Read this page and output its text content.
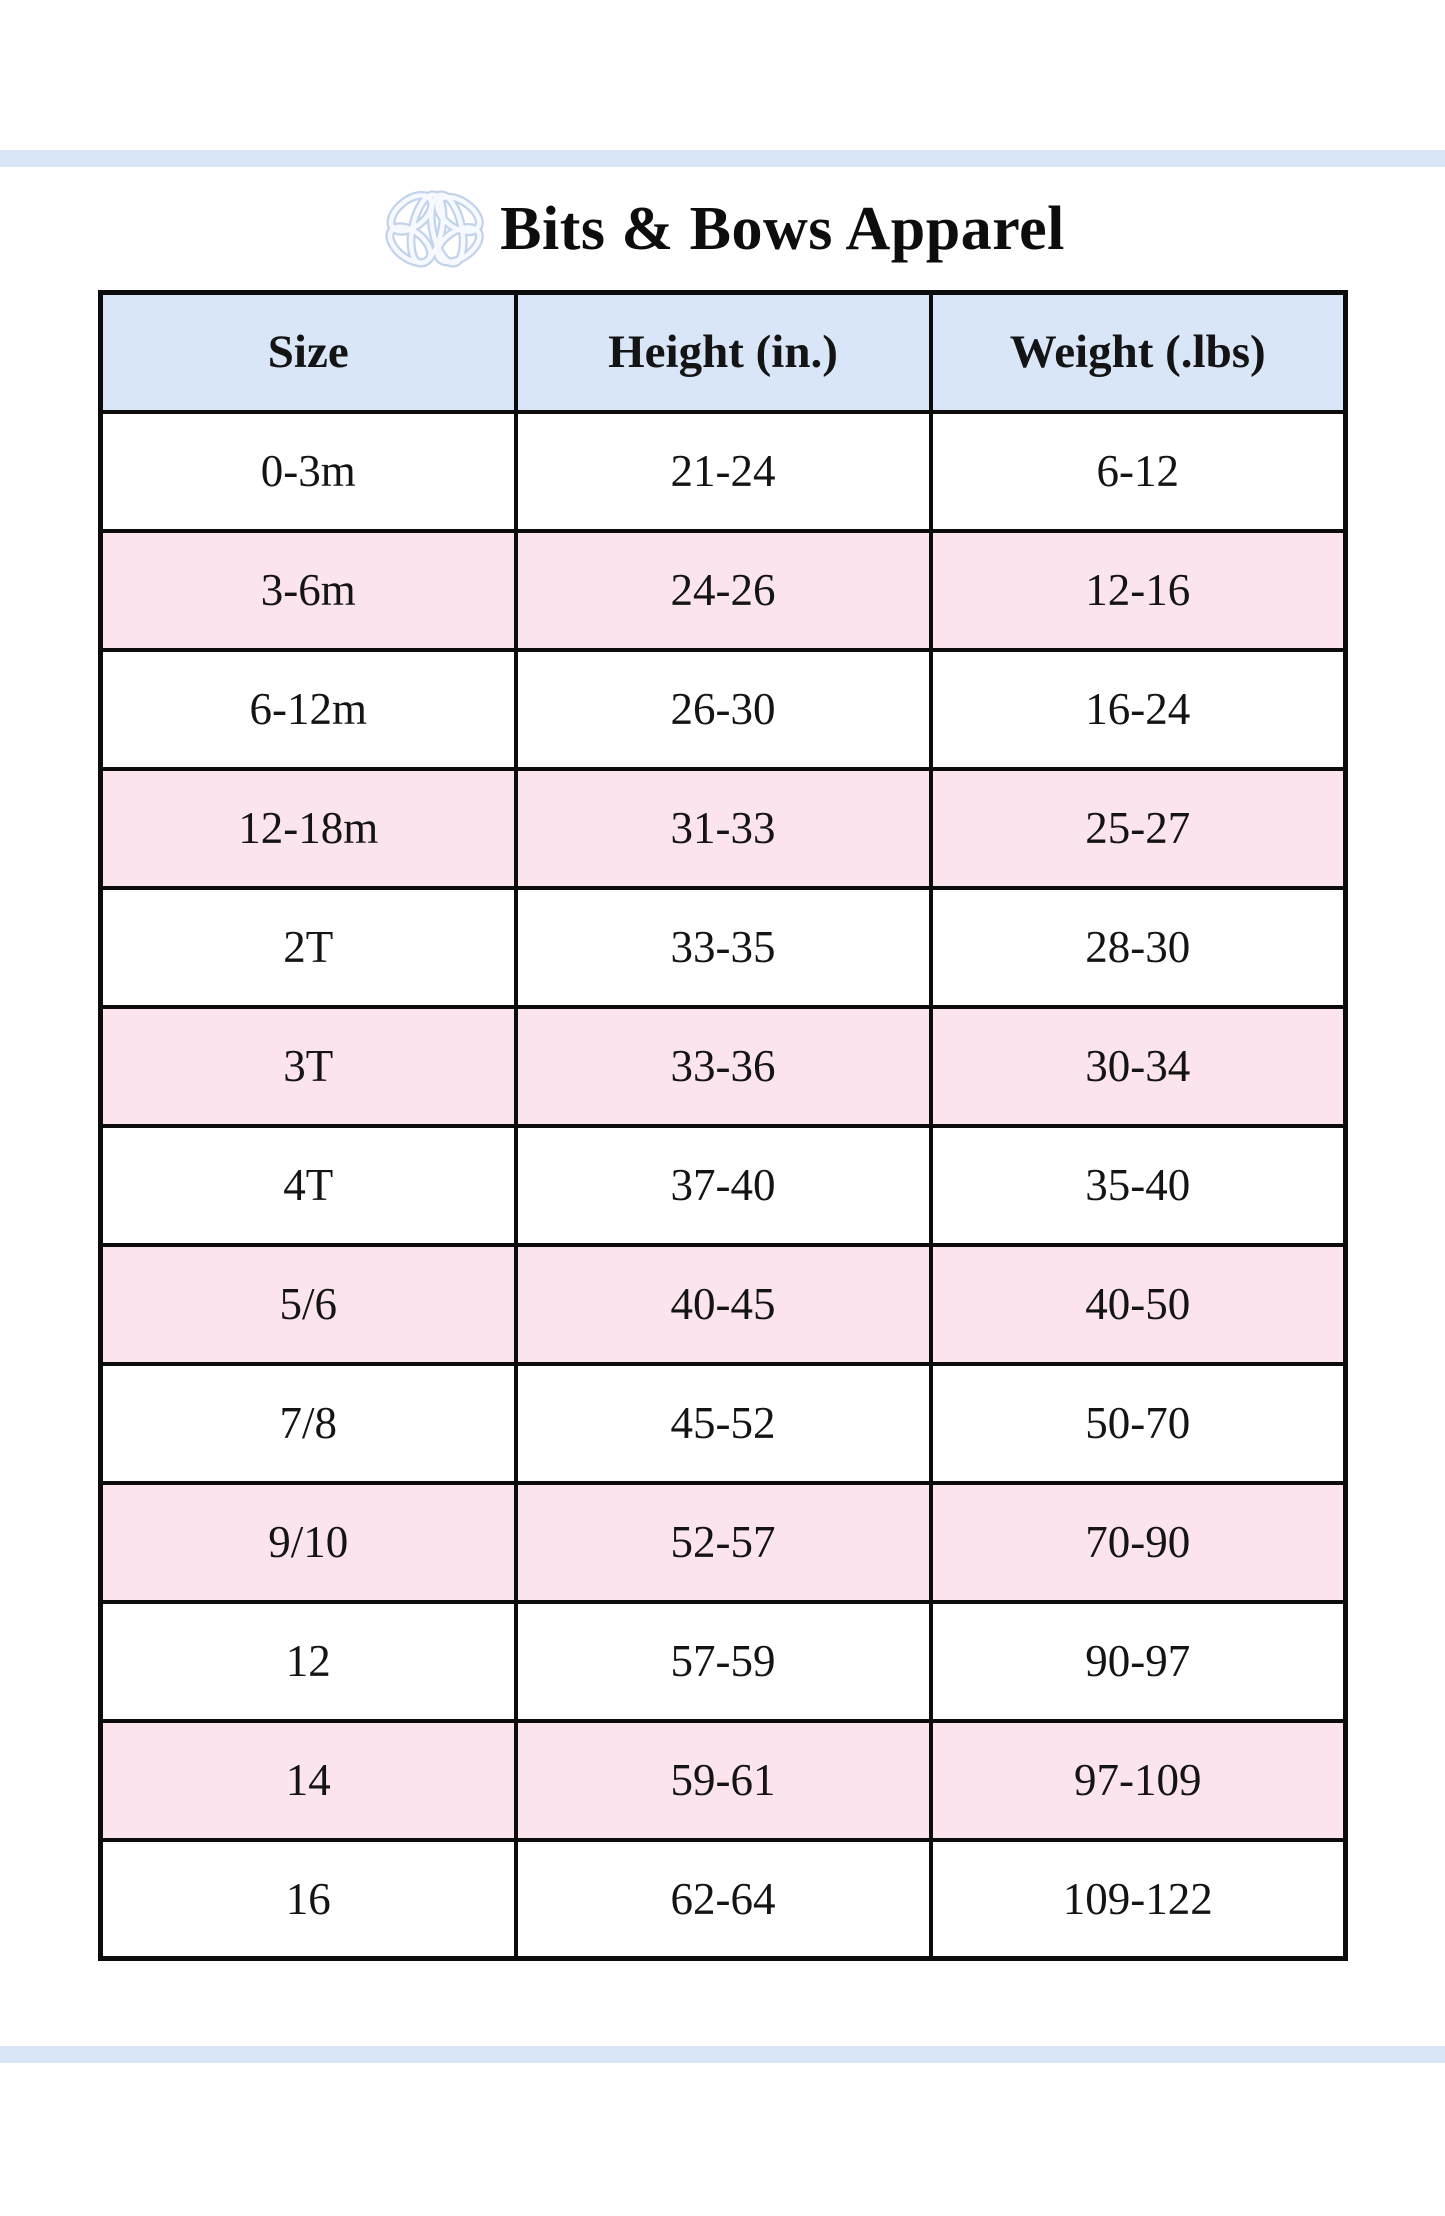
Bits & Bows Apparel
Size	Height (in.)	Weight (.lbs)
0-3m	21-24	6-12
3-6m	24-26	12-16
6-12m	26-30	16-24
12-18m	31-33	25-27
2T	33-35	28-30
3T	33-36	30-34
4T	37-40	35-40
5/6	40-45	40-50
7/8	45-52	50-70
9/10	52-57	70-90
12	57-59	90-97
14	59-61	97-109
16	62-64	109-122
